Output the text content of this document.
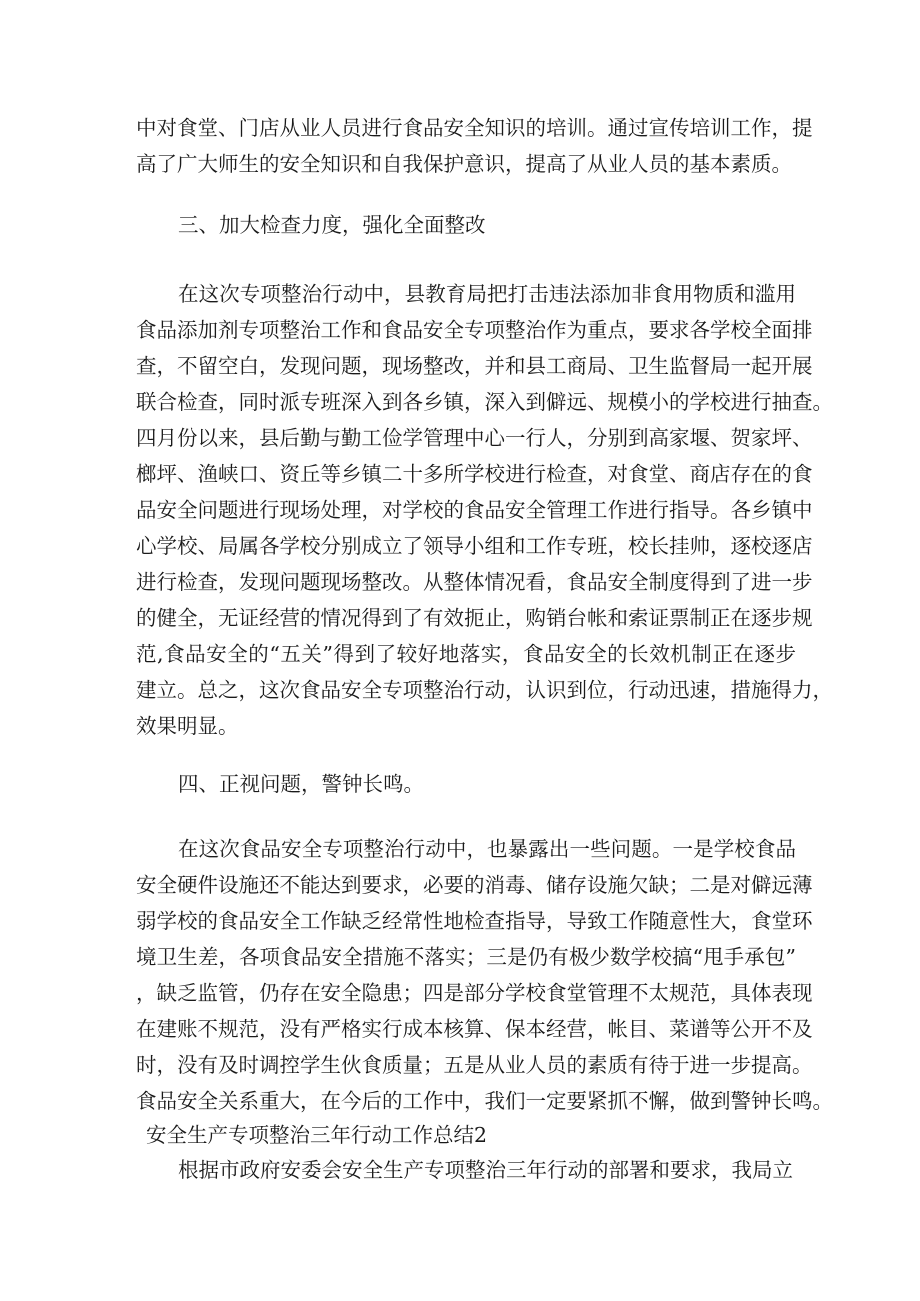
中对食堂、门店从业人员进行食品安全知识的培训。通过宣传培训工作，提
高了广大师生的安全知识和自我保护意识，提高了从业人员的基本素质。
三、加大检查力度，强化全面整改
在这次专项整治行动中，县教育局把打击违法添加非食用物质和滥用
食品添加剂专项整治工作和食品安全专项整治作为重点，要求各学校全面排
查，不留空白，发现问题，现场整改，并和县工商局、卫生监督局一起开展
联合检查，同时派专班深入到各乡镇，深入到僻远、规模小的学校进行抽查。
四月份以来，县后勤与勤工俭学管理中心一行人，分别到高家堰、贺家坪、
榔坪、渔峡口、资丘等乡镇二十多所学校进行检查，对食堂、商店存在的食
品安全问题进行现场处理，对学校的食品安全管理工作进行指导。各乡镇中
心学校、局属各学校分别成立了领导小组和工作专班，校长挂帅，逐校逐店
进行检查，发现问题现场整改。从整体情况看，食品安全制度得到了进一步
的健全，无证经营的情况得到了有效扼止，购销台帐和索证票制正在逐步规
范,食品安全的“五关”得到了较好地落实，食品安全的长效机制正在逐步
建立。总之，这次食品安全专项整治行动，认识到位，行动迅速，措施得力，
效果明显。
四、正视问题，警钟长鸣。
在这次食品安全专项整治行动中，也暴露出一些问题。一是学校食品
安全硬件设施还不能达到要求，必要的消毒、储存设施欠缺；二是对僻远薄
弱学校的食品安全工作缺乏经常性地检查指导，导致工作随意性大，食堂环
境卫生差，各项食品安全措施不落实；三是仍有极少数学校搞“甩手承包”
，缺乏监管，仍存在安全隐患；四是部分学校食堂管理不太规范，具体表现
在建账不规范，没有严格实行成本核算、保本经营，帐目、菜谱等公开不及
时，没有及时调控学生伙食质量；五是从业人员的素质有待于进一步提高。
食品安全关系重大，在今后的工作中，我们一定要紧抓不懈，做到警钟长鸣。
安全生产专项整治三年行动工作总结2
根据市政府安委会安全生产专项整治三年行动的部署和要求，我局立
